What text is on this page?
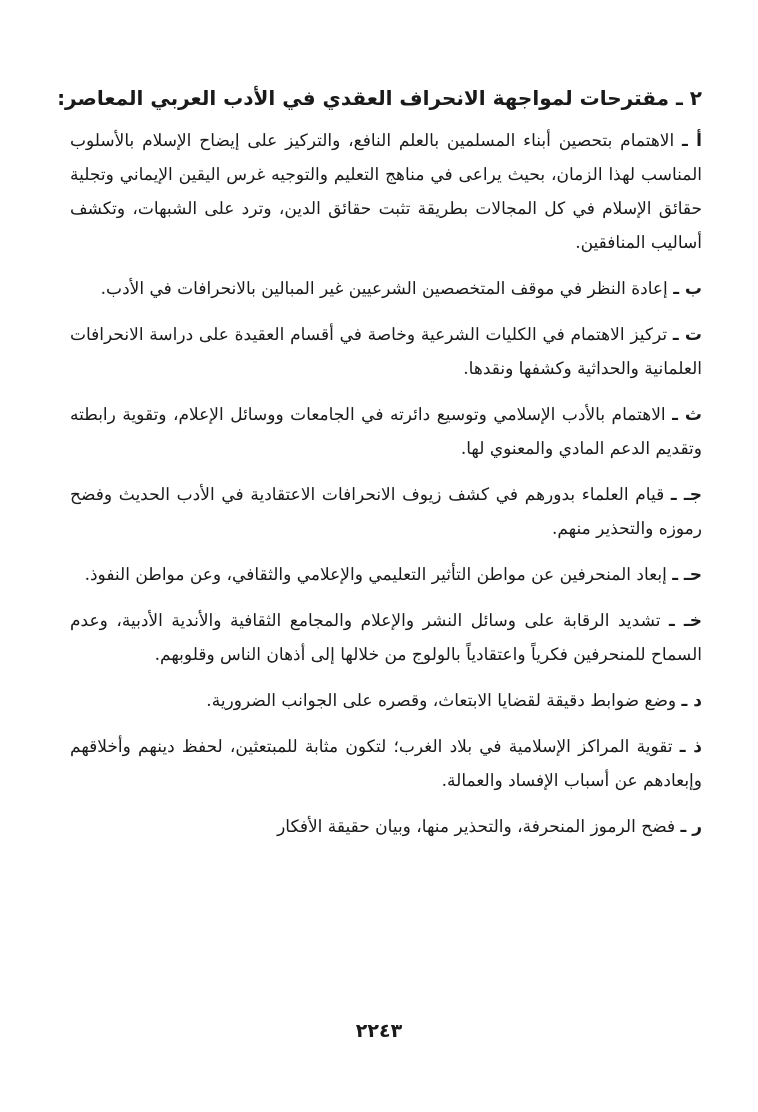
٢ ـ مقترحات لمواجهة الانحراف العقدي في الأدب العربي المعاصر:

أ ـ الاهتمام بتحصين أبناء المسلمين بالعلم النافع، والتركيز على إيضاح الإسلام بالأسلوب المناسب لهذا الزمان، بحيث يراعى في مناهج التعليم والتوجيه غرس اليقين الإيماني وتجلية حقائق الإسلام في كل المجالات بطريقة تثبت حقائق الدين، وترد على الشبهات، وتكشف أساليب المنافقين.

ب ـ إعادة النظر في موقف المتخصصين الشرعيين غير المبالين بالانحرافات في الأدب.

ت ـ تركيز الاهتمام في الكليات الشرعية وخاصة في أقسام العقيدة على دراسة الانحرافات العلمانية والحداثية وكشفها ونقدها.

ث ـ الاهتمام بالأدب الإسلامي وتوسيع دائرته في الجامعات ووسائل الإعلام، وتقوية رابطته وتقديم الدعم المادي والمعنوي لها.

جـ ـ قيام العلماء بدورهم في كشف زيوف الانحرافات الاعتقادية في الأدب الحديث وفضح رموزه والتحذير منهم.

حـ ـ إبعاد المنحرفين عن مواطن التأثير التعليمي والإعلامي والثقافي، وعن مواطن النفوذ.

خـ ـ تشديد الرقابة على وسائل النشر والإعلام والمجامع الثقافية والأندية الأدبية، وعدم السماح للمنحرفين فكرياً واعتقادياً بالولوج من خلالها إلى أذهان الناس وقلوبهم.

د ـ وضع ضوابط دقيقة لقضايا الابتعاث، وقصره على الجوانب الضرورية.

ذ ـ تقوية المراكز الإسلامية في بلاد الغرب؛ لتكون مثابة للمبتعثين، لحفظ دينهم وأخلاقهم وإبعادهم عن أسباب الإفساد والعمالة.

ر ـ فضح الرموز المنحرفة، والتحذير منها، وبيان حقيقة الأفكار

٢٢٤٣
